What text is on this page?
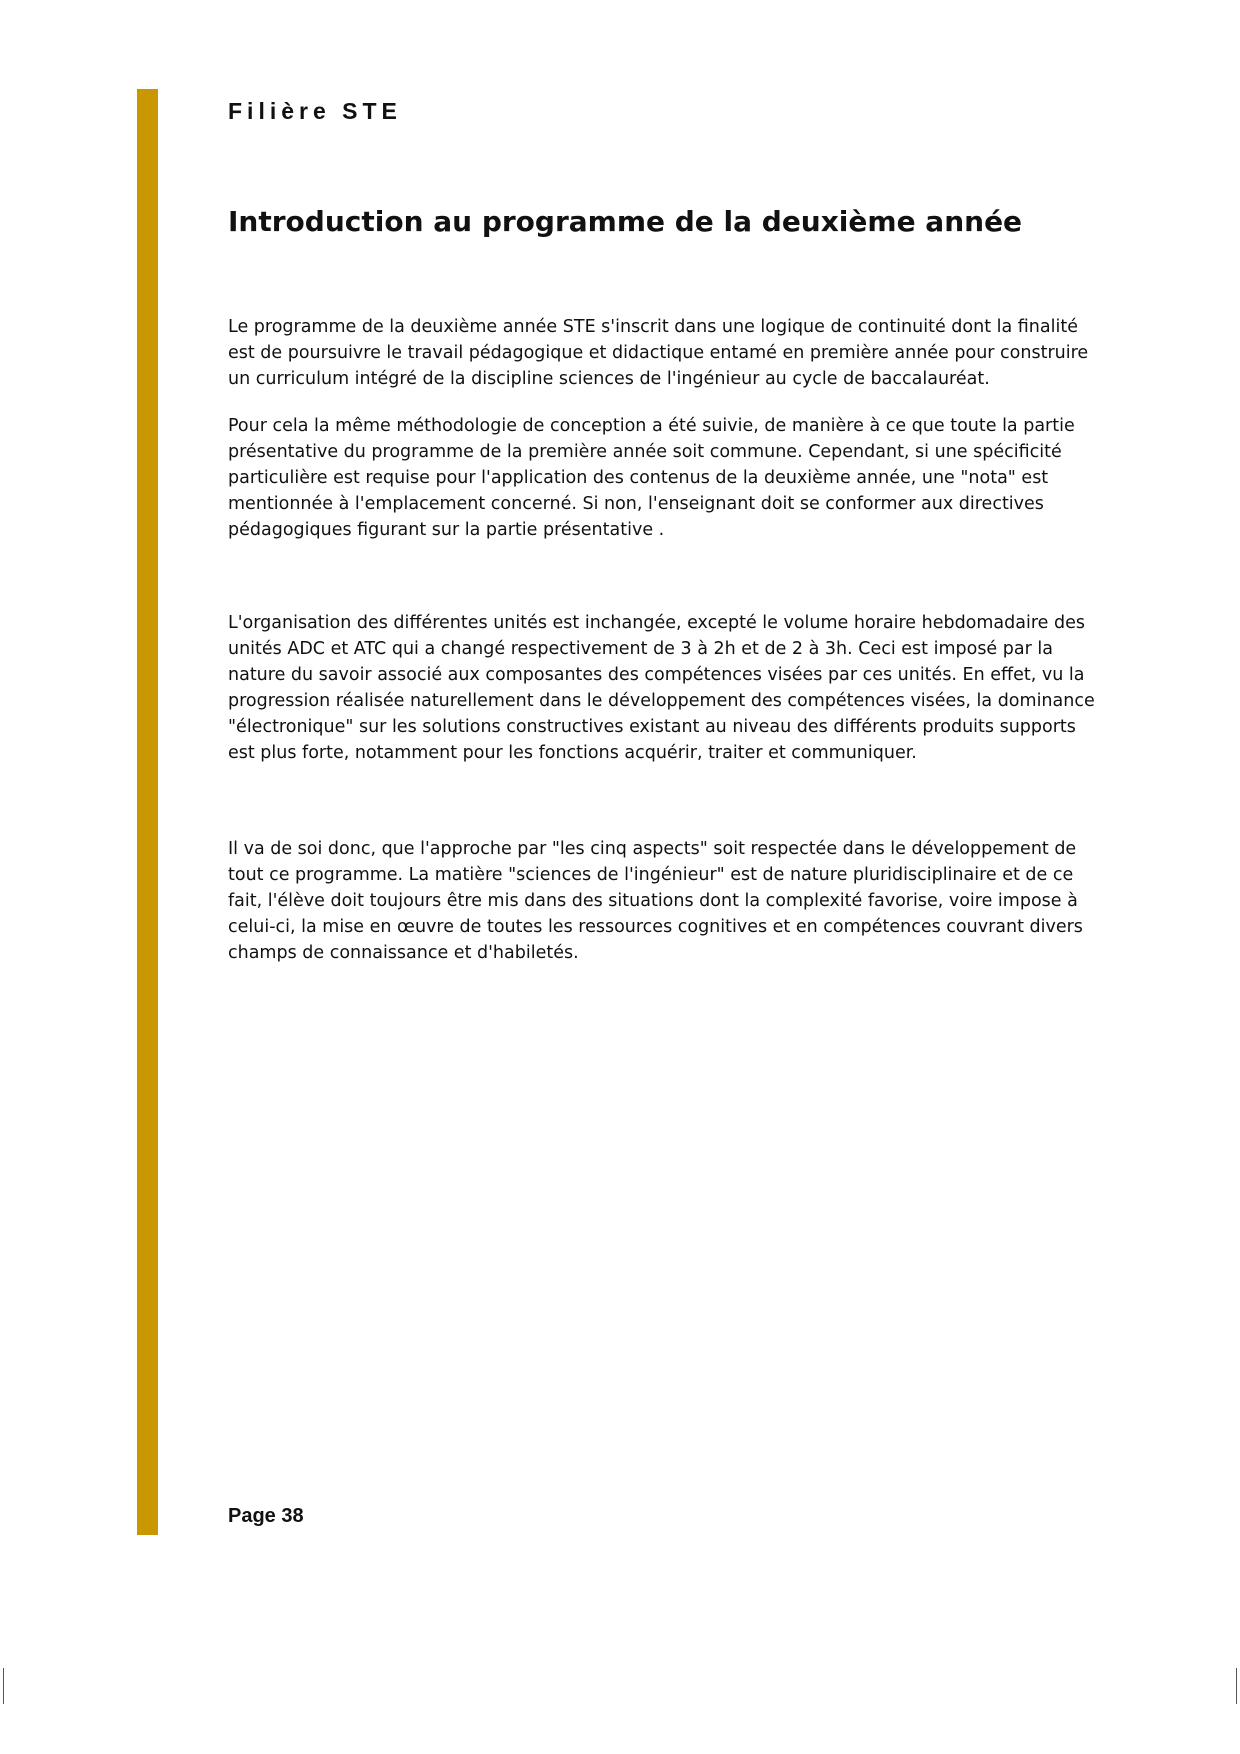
Filière STE
Introduction au programme de la deuxième année

Le programme de la deuxième année STE s'inscrit dans une logique de continuité dont la finalité est de poursuivre le travail pédagogique et didactique entamé en première année pour construire un curriculum intégré de la discipline sciences de l'ingénieur au cycle de baccalauréat.

Pour cela la même méthodologie de conception a été suivie, de manière à ce que toute la partie présentative du programme de la première année soit commune. Cependant, si une spécificité particulière est requise pour l'application des contenus de la deuxième année, une "nota" est mentionnée à l'emplacement concerné. Si non, l'enseignant doit se conformer aux directives pédagogiques figurant sur la partie présentative .

L'organisation des différentes unités est inchangée, excepté le volume horaire hebdomadaire des unités ADC et ATC qui a changé respectivement de 3 à 2h et de 2 à 3h. Ceci est imposé par la nature du savoir associé aux composantes des compétences visées par ces unités. En effet, vu la progression réalisée naturellement dans le développement des compétences visées, la dominance "électronique" sur les solutions constructives existant au niveau des différents produits supports est plus forte, notamment pour les fonctions acquérir, traiter et communiquer.

Il va de soi donc, que l'approche par "les cinq aspects" soit respectée dans le développement de tout ce programme. La matière "sciences de l'ingénieur" est de nature pluridisciplinaire et de ce fait, l'élève doit toujours être mis dans des situations dont la complexité favorise, voire impose à celui-ci, la mise en œuvre de toutes les ressources cognitives et en compétences couvrant divers champs de connaissance et d'habiletés.

Page 38
